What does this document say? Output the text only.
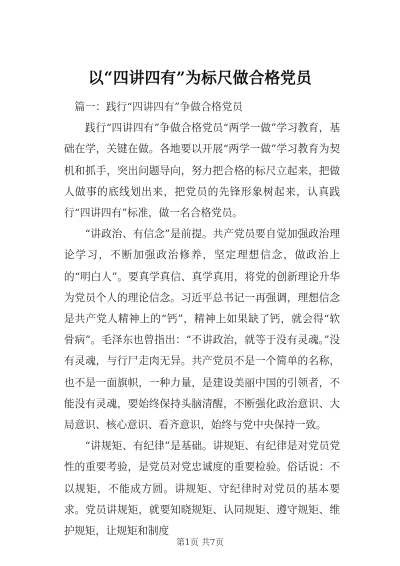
以“四讲四有”为标尺做合格党员

篇一：践行“四讲四有”争做合格党员

践行“四讲四有”争做合格党员“两学一做”学习教育，基础在学，关键在做。各地要以开展“两学一做”学习教育为契机和抓手，突出问题导向，努力把合格的标尺立起来，把做人做事的底线划出来，把党员的先锋形象树起来，认真践行“四讲四有”标准，做一名合格党员。

“讲政治、有信念”是前提。共产党员要自觉加强政治理论学习，不断加强政治修养，坚定理想信念，做政治上的“明白人”。要真学真信、真学真用，将党的创新理论升华为党员个人的理论信念。习近平总书记一再强调，理想信念是共产党人精神上的“钙”，精神上如果缺了钙，就会得“软骨病”。毛泽东也曾指出：“不讲政治，就等于没有灵魂。”没有灵魂，与行尸走肉无异。共产党员不是一个简单的名称，也不是一面旗帜，一种力量，是建设美丽中国的引领者，不能没有灵魂，要始终保持头脑清醒，不断强化政治意识、大局意识、核心意识、看齐意识，始终与党中央保持一致。

“讲规矩、有纪律”是基础。讲规矩、有纪律是对党员党性的重要考验，是党员对党忠诚度的重要检验。俗话说：不以规矩，不能成方圆。讲规矩、守纪律时对党员的基本要求。党员讲规矩，就要知晓规矩、认同规矩、遵守规矩、维护规矩，让规矩和制度

第1页 共7页
